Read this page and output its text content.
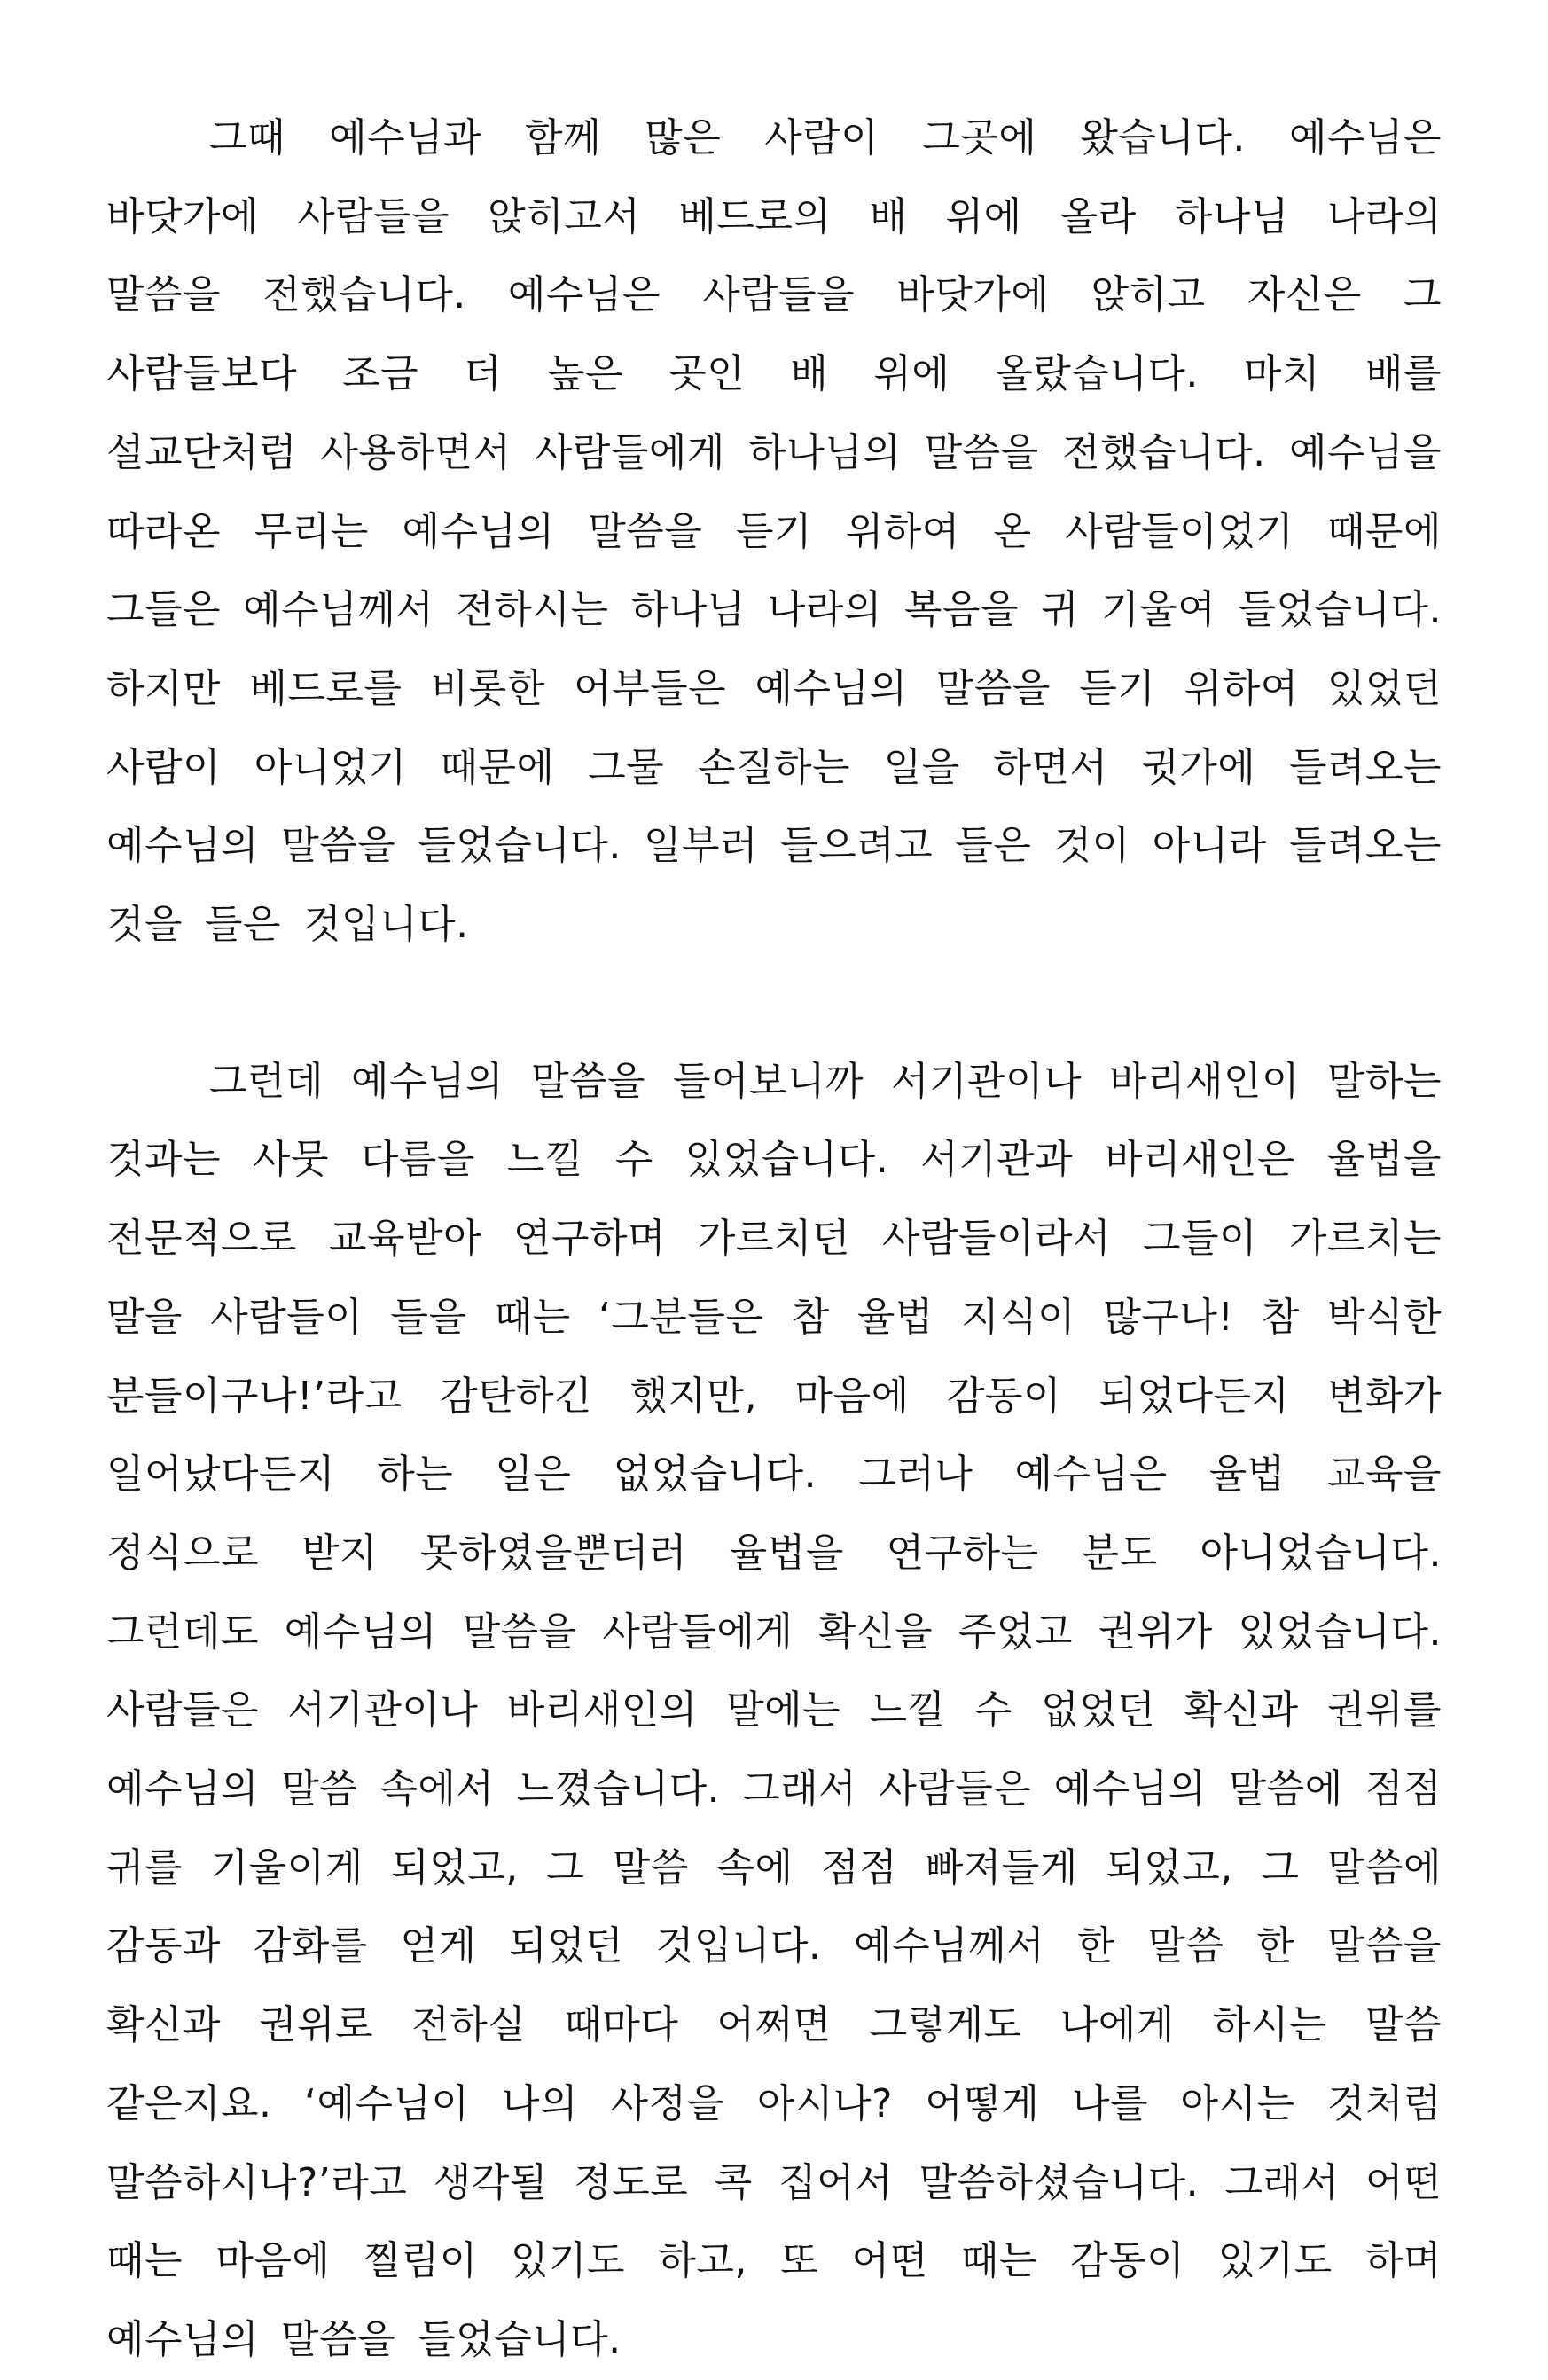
그때 예수님과 함께 많은 사람이 그곳에 왔습니다. 예수님은 바닷가에 사람들을 앉히고서 베드로의 배 위에 올라 하나님 나라의 말씀을 전했습니다. 예수님은 사람들을 바닷가에 앉히고 자신은 그 사람들보다 조금 더 높은 곳인 배 위에 올랐습니다. 마치 배를 설교단처럼 사용하면서 사람들에게 하나님의 말씀을 전했습니다. 예수님을 따라온 무리는 예수님의 말씀을 듣기 위하여 온 사람들이었기 때문에 그들은 예수님께서 전하시는 하나님 나라의 복음을 귀 기울여 들었습니다. 하지만 베드로를 비롯한 어부들은 예수님의 말씀을 듣기 위하여 있었던 사람이 아니었기 때문에 그물 손질하는 일을 하면서 귓가에 들려오는 예수님의 말씀을 들었습니다. 일부러 들으려고 들은 것이 아니라 들려오는 것을 들은 것입니다.

그런데 예수님의 말씀을 들어보니까 서기관이나 바리새인이 말하는 것과는 사뭇 다름을 느낄 수 있었습니다. 서기관과 바리새인은 율법을 전문적으로 교육받아 연구하며 가르치던 사람들이라서 그들이 가르치는 말을 사람들이 들을 때는 ‘그분들은 참 율법 지식이 많구나! 참 박식한 분들이구나!’라고 감탄하긴 했지만, 마음에 감동이 되었다든지 변화가 일어났다든지 하는 일은 없었습니다. 그러나 예수님은 율법 교육을 정식으로 받지 못하였을뿐더러 율법을 연구하는 분도 아니었습니다. 그런데도 예수님의 말씀을 사람들에게 확신을 주었고 권위가 있었습니다. 사람들은 서기관이나 바리새인의 말에는 느낄 수 없었던 확신과 권위를 예수님의 말씀 속에서 느꼈습니다. 그래서 사람들은 예수님의 말씀에 점점 귀를 기울이게 되었고, 그 말씀 속에 점점 빠져들게 되었고, 그 말씀에 감동과 감화를 얻게 되었던 것입니다. 예수님께서 한 말씀 한 말씀을 확신과 권위로 전하실 때마다 어쩌면 그렇게도 나에게 하시는 말씀 같은지요. ‘예수님이 나의 사정을 아시나? 어떻게 나를 아시는 것처럼 말씀하시나?’라고 생각될 정도로 콕 집어서 말씀하셨습니다. 그래서 어떤 때는 마음에 찔림이 있기도 하고, 또 어떤 때는 감동이 있기도 하며 예수님의 말씀을 들었습니다.
